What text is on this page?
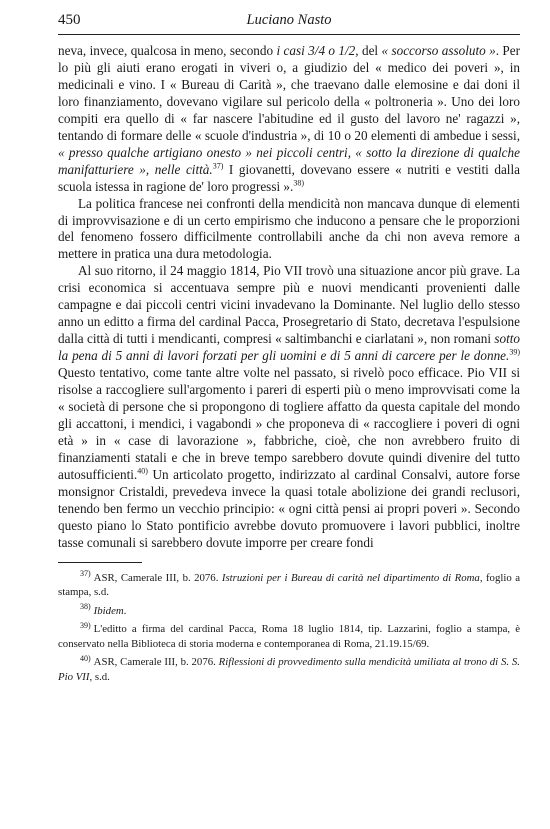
450	Luciano Nasto

neva, invece, qualcosa in meno, secondo i casi 3/4 o 1/2, del « soccorso assoluto ». Per lo più gli aiuti erano erogati in viveri o, a giudizio del « medico dei poveri », in medicinali e vino. I « Bureau di Carità », che traevano dalle elemosine e dai doni il loro finanziamento, dovevano vigilare sul pericolo della « poltroneria ». Uno dei loro compiti era quello di « far nascere l'abitudine ed il gusto del lavoro ne' ragazzi », tentando di formare delle « scuole d'industria », di 10 o 20 elementi di ambedue i sessi, « presso qualche artigiano onesto » nei piccoli centri, « sotto la direzione di qualche manifatturiere », nelle città.$^{37)}$ I giovanetti, dovevano essere « nutriti e vestiti dalla scuola istessa in ragione de' loro progressi ».$^{38)}$

La politica francese nei confronti della mendicità non mancava dunque di elementi di improvvisazione e di un certo empirismo che inducono a pensare che le proporzioni del fenomeno fossero difficilmente controllabili anche da chi non aveva remore a mettere in pratica una dura metodologia.

Al suo ritorno, il 24 maggio 1814, Pio VII trovò una situazione ancor più grave. La crisi economica si accentuava sempre più e nuovi mendicanti provenienti dalle campagne e dai piccoli centri vicini invadevano la Dominante. Nel luglio dello stesso anno un editto a firma del cardinal Pacca, Prosegretario di Stato, decretava l'espulsione dalla città di tutti i mendicanti, compresi « saltimbanchi e ciarlatani », non romani sotto la pena di 5 anni di lavori forzati per gli uomini e di 5 anni di carcere per le donne.$^{39)}$ Questo tentativo, come tante altre volte nel passato, si rivelò poco efficace. Pio VII si risolse a raccogliere sull'argomento i pareri di esperti più o meno improvvisati come la « società di persone che si propongono di togliere affatto da questa capitale del mondo gli accattoni, i mendici, i vagabondi » che proponeva di « raccogliere i poveri di ogni età » in « case di lavorazione », fabbriche, cioè, che non avrebbero fruito di finanziamenti statali e che in breve tempo sarebbero dovute quindi divenire del tutto autosufficienti.$^{40)}$ Un articolato progetto, indirizzato al cardinal Consalvi, autore forse monsignor Cristaldi, prevedeva invece la quasi totale abolizione dei grandi reclusori, tenendo ben fermo un vecchio principio: « ogni città pensi ai propri poveri ». Secondo questo piano lo Stato pontificio avrebbe dovuto promuovere i lavori pubblici, inoltre tasse comunali si sarebbero dovute imporre per creare fondi

$^{37)}$ ASR, Camerale III, b. 2076. Istruzioni per i Bureau di carità nel dipartimento di Roma, foglio a stampa, s.d.

$^{38)}$ Ibidem.

$^{39)}$ L'editto a firma del cardinal Pacca, Roma 18 luglio 1814, tip. Lazzarini, foglio a stampa, è conservato nella Biblioteca di storia moderna e contemporanea di Roma, 21.19.15/69.

$^{40)}$ ASR, Camerale III, b. 2076. Riflessioni di provvedimento sulla mendicità umiliata al trono di S. S. Pio VII, s.d.
